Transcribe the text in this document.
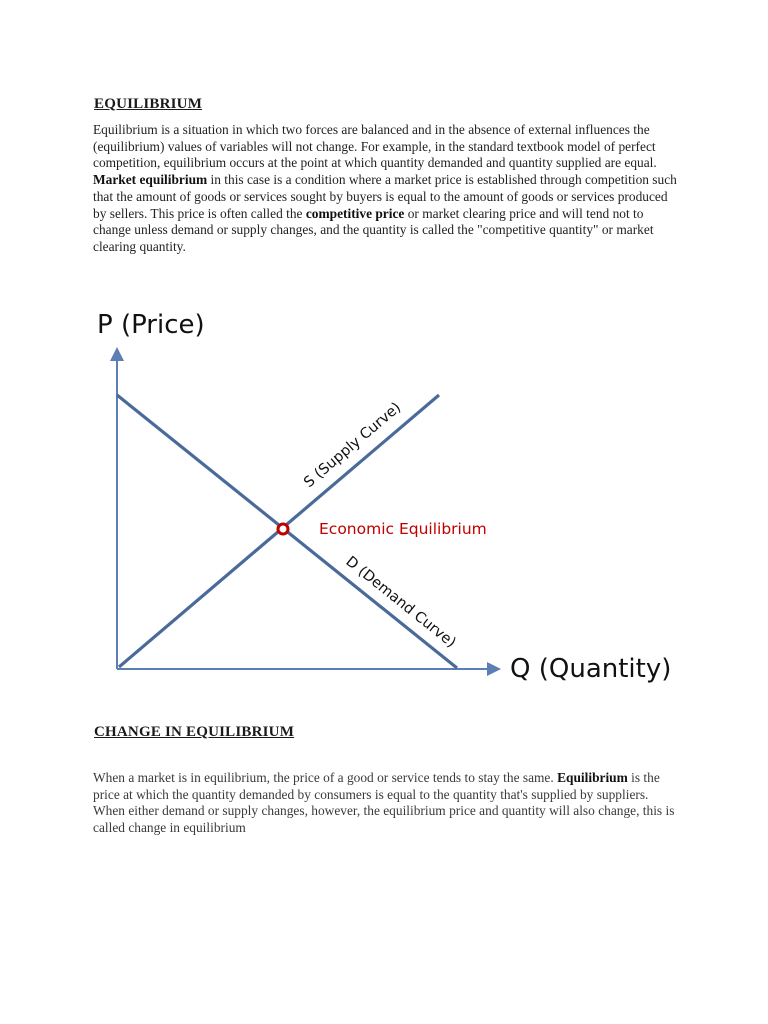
EQUILIBRIUM
Equilibrium is a situation in which two forces are balanced and in the absence of external influences the (equilibrium) values of variables will not change. For example, in the standard textbook model of perfect competition, equilibrium occurs at the point at which quantity demanded and quantity supplied are equal. Market equilibrium in this case is a condition where a market price is established through competition such that the amount of goods or services sought by buyers is equal to the amount of goods or services produced by sellers. This price is often called the competitive price or market clearing price and will tend not to change unless demand or supply changes, and the quantity is called the "competitive quantity" or market clearing quantity.
P (Price)
Economic Equilibrium
S (Supply Curve)
D (Demand Curve)
Q (Quantity)
CHANGE IN EQUILIBRIUM
When a market is in equilibrium, the price of a good or service tends to stay the same. Equilibrium is the price at which the quantity demanded by consumers is equal to the quantity that's supplied by suppliers. When either demand or supply changes, however, the equilibrium price and quantity will also change, this is called change in equilibrium
